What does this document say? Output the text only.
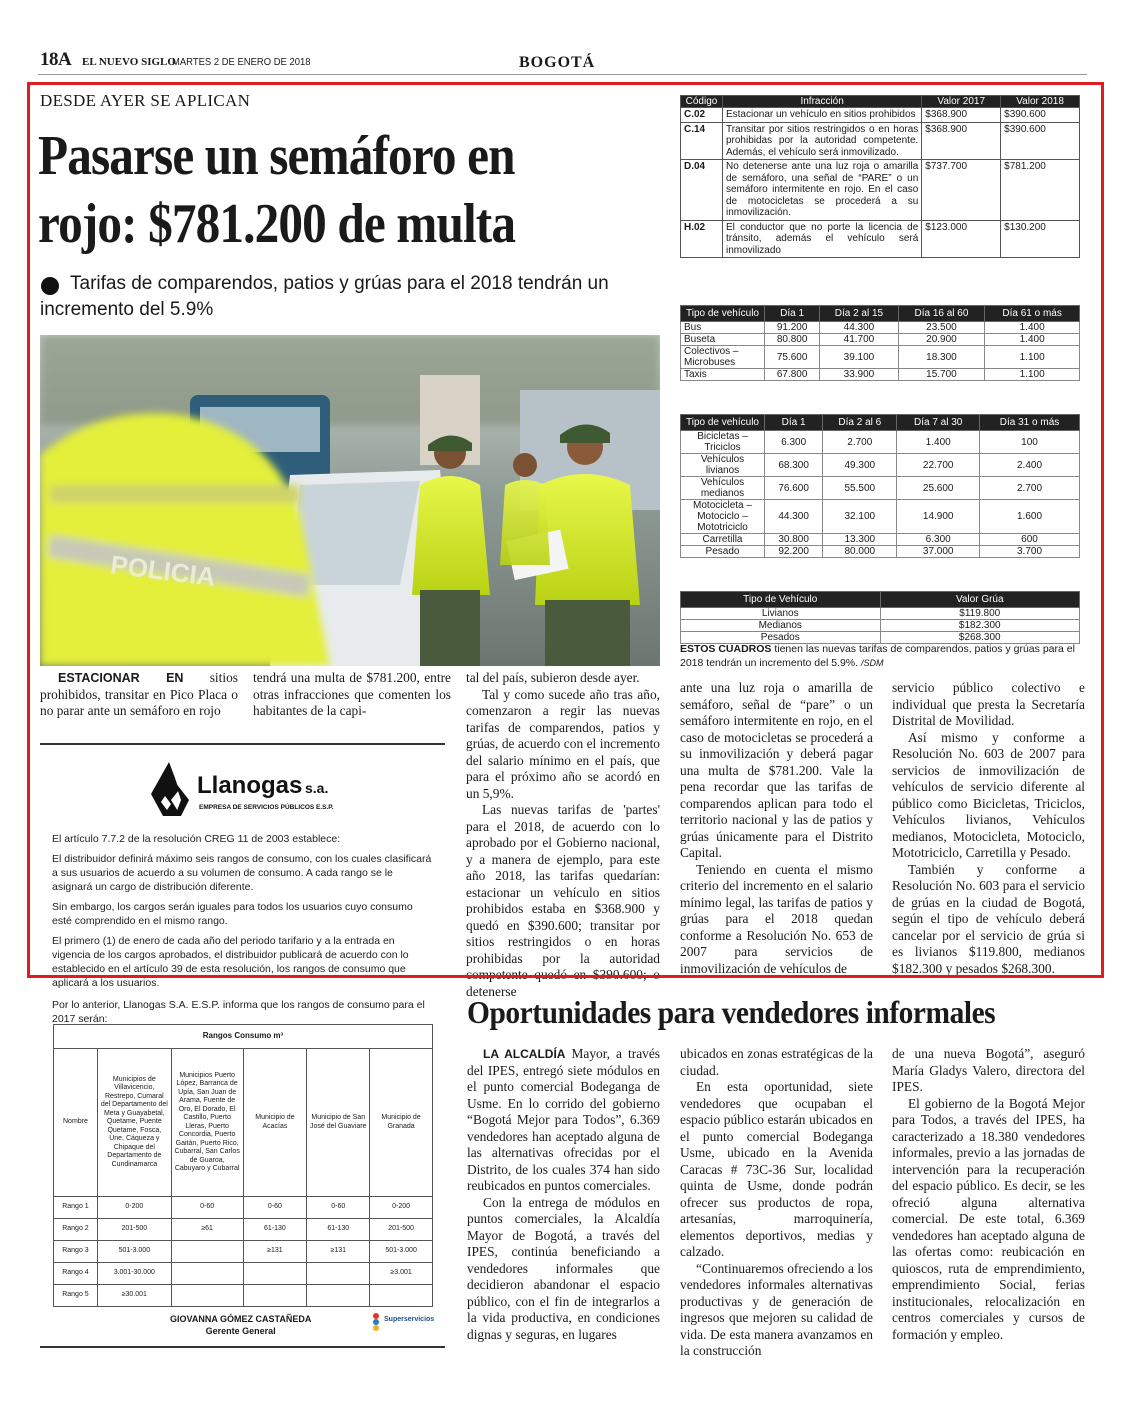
18A EL NUEVO SIGLO
MARTES 2 DE ENERO DE 2018	BOGOTÁ
DESDE AYER SE APLICAN
Pasarse un semáforo en rojo: $781.200 de multa
Tarifas de comparendos, patios y grúas para el 2018 tendrán un incremento del 5.9%
POLICIA

ESTACIONAR EN sitios prohibidos, transitar en Pico Placa o no parar ante un semáforo en rojo

tendrá una multa de $781.200, entre otras infracciones que comenten los habitantes de la capi-

tal del país, subieron desde ayer.

Tal y como sucede año tras año, comenzaron a regir las nuevas tarifas de comparendos, patios y grúas, de acuerdo con el incremento del salario mínimo en el país, que para el próximo año se acordó en un 5,9%.

Las nuevas tarifas de 'partes' para el 2018, de acuerdo con lo aprobado por el Gobierno nacional, y a manera de ejemplo, para este año 2018, las tarifas quedarían: estacionar un vehículo en sitios prohibidos estaba en $368.900 y quedó en $390.600; transitar por sitios restringidos o en horas prohibidas por la autoridad competente quedó en $390.600; o detenerse

ante una luz roja o amarilla de semáforo, señal de “pare” o un semáforo intermitente en rojo, en el caso de motocicletas se procederá a su inmovilización y deberá pagar una multa de $781.200. Vale la pena recordar que las tarifas de comparendos aplican para todo el territorio nacional y las de patios y grúas únicamente para el Distrito Capital.

Teniendo en cuenta el mismo criterio del incremento en el salario mínimo legal, las tarifas de patios y grúas para el 2018 quedan conforme a Resolución No. 653 de 2007 para servicios de inmovilización de vehículos de

servicio público colectivo e individual que presta la Secretaría Distrital de Movilidad.

Así mismo y conforme a Resolución No. 603 de 2007 para servicios de inmovilización de vehículos de servicio diferente al público como Bicicletas, Triciclos, Vehículos livianos, Vehículos medianos, Motocicleta, Motociclo, Mototriciclo, Carretilla y Pesado.

También y conforme a Resolución No. 603 para el servicio de grúas en la ciudad de Bogotá, según el tipo de vehículo deberá cancelar por el servicio de grúa si es livianos $119.800, medianos $182.300 y pesados $268.300.

Código	Infracción	Valor 2017	Valor 2018
C.02	Estacionar un vehículo en sitios prohibidos	$368.900	$390.600
C.14	Transitar por sitios restringidos o en horas prohibidas por la autoridad competente. Además, el vehículo será inmovilizado.	$368.900	$390.600
D.04	No detenerse ante una luz roja o amarilla de semáforo, una señal de “PARE” o un semáforo intermitente en rojo. En el caso de motocicletas se procederá a su inmovilización.	$737.700	$781.200
H.02	El conductor que no porte la licencia de tránsito, además el vehículo será inmovilizado	$123.000	$130.200
Tipo de vehículo	Día 1	Día 2 al 15	Día 16 al 60	Día 61 o más
Bus	91.200	44.300	23.500	1.400
Buseta	80.800	41.700	20.900	1.400
Colectivos – Microbuses	75.600	39.100	18.300	1.100
Taxis	67.800	33.900	15.700	1.100
Tipo de vehículo	Día 1	Día 2 al 6	Día 7 al 30	Día 31 o más
Bicicletas – Triciclos	6.300	2.700	1.400	100
Vehículos livianos	68.300	49.300	22.700	2.400
Vehículos medianos	76.600	55.500	25.600	2.700
Motocicleta – Motociclo – Mototriciclo	44.300	32.100	14.900	1.600
Carretilla	30.800	13.300	6.300	600
Pesado	92.200	80.000	37.000	3.700
Tipo de Vehículo	Valor Grúa
Livianos	$119.800
Medianos	$182.300
Pesados	$268.300
ESTOS CUADROS tienen las nuevas tarifas de comparendos, patios y grúas para el 2018 tendrán un incremento del 5.9%. /SDM
Llanogas s.a.
EMPRESA DE SERVICIOS PÚBLICOS E.S.P.

El artículo 7.7.2 de la resolución CREG 11 de 2003 establece:

El distribuidor definirá máximo seis rangos de consumo, con los cuales clasificará a sus usuarios de acuerdo a su volumen de consumo. A cada rango se le asignará un cargo de distribución diferente.

Sin embargo, los cargos serán iguales para todos los usuarios cuyo consumo esté comprendido en el mismo rango.

El primero (1) de enero de cada año del periodo tarifario y a la entrada en vigencia de los cargos aprobados, el distribuidor publicará de acuerdo con lo establecido en el artículo 39 de esta resolución, los rangos de consumo que aplicará a los usuarios.

Por lo anterior, Llanogas S.A. E.S.P. informa que los rangos de consumo para el 2017 serán:

Rangos Consumo m³					
Nombre	Municipios de Villavicencio, Restrepo, Cumaral del Departamento del Meta y Guayabetal, Quetame, Puente Quetame, Fosca, Une, Cáqueza y Chipaque del Departamento de Cundinamarca	Municipios Puerto López, Barranca de Upía, San Juan de Arama, Fuente de Oro, El Dorado, El Castillo, Puerto Lleras, Puerto Concordia, Puerto Gaitán, Puerto Rico, Cubarral, San Carlos de Guaroa, Cabuyaro y Cubarral	Municipio de Acacías	Municipio de San José del Guaviare	Municipio de Granada
Rango 1	0-200	0-60	0-60	0-60	0-200
Rango 2	201-500	≥61	61-130	61-130	201-500
Rango 3	501-3.000		≥131	≥131	501-3.000
Rango 4	3.001-30.000				≥3.001
Rango 5	≥30.001				
GIOVANNA GÓMEZ CASTAÑEDA
Gerente General
Superservicios
Oportunidades para vendedores informales

LA ALCALDÍA Mayor, a través del IPES, entregó siete módulos en el punto comercial Bodeganga de Usme. En lo corrido del gobierno “Bogotá Mejor para Todos”, 6.369 vendedores han aceptado alguna de las alternativas ofrecidas por el Distrito, de los cuales 374 han sido reubicados en puntos comerciales.

Con la entrega de módulos en puntos comerciales, la Alcaldía Mayor de Bogotá, a través del IPES, continúa beneficiando a vendedores informales que decidieron abandonar el espacio público, con el fin de integrarlos a la vida productiva, en condiciones dignas y seguras, en lugares

ubicados en zonas estratégicas de la ciudad.

En esta oportunidad, siete vendedores que ocupaban el espacio público estarán ubicados en el punto comercial Bodeganga Usme, ubicado en la Avenida Caracas # 73C-36 Sur, localidad quinta de Usme, donde podrán ofrecer sus productos de ropa, artesanías, marroquinería, elementos deportivos, medias y calzado.

“Continuaremos ofreciendo a los vendedores informales alternativas productivas y de generación de ingresos que mejoren su calidad de vida. De esta manera avanzamos en la construcción

de una nueva Bogotá”, aseguró María Gladys Valero, directora del IPES.

El gobierno de la Bogotá Mejor para Todos, a través del IPES, ha caracterizado a 18.380 vendedores informales, previo a las jornadas de intervención para la recuperación del espacio público. Es decir, se les ofreció alguna alternativa comercial. De este total, 6.369 vendedores han aceptado alguna de las ofertas como: reubicación en quioscos, ruta de emprendimiento, emprendimiento Social, ferias institucionales, relocalización en centros comerciales y cursos de formación y empleo.
